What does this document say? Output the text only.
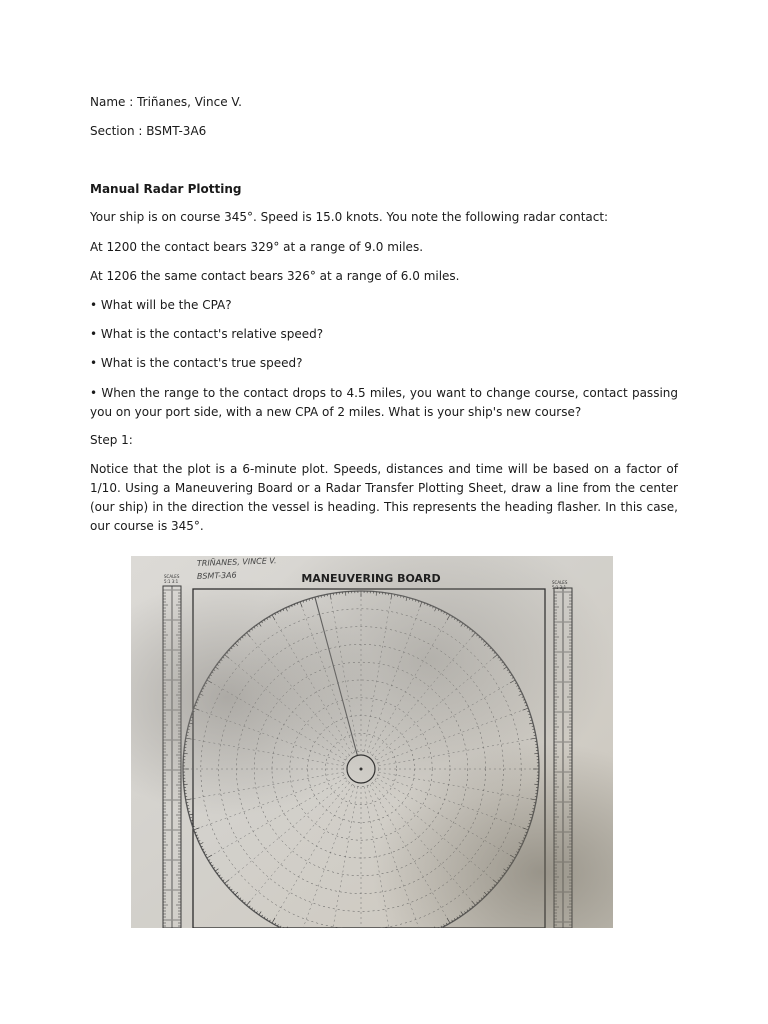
Name : Triñanes, Vince V.
Section : BSMT-3A6
Manual Radar Plotting
Your ship is on course 345°. Speed is 15.0 knots. You note the following radar contact:
At 1200 the contact bears 329° at a range of 9.0 miles.
At 1206 the same contact bears 326° at a range of 6.0 miles.
• What will be the CPA?
• What is the contact's relative speed?
• What is the contact's true speed?
• When the range to the contact drops to 4.5 miles, you want to change course, contact passing you on your port side, with a new CPA of 2 miles. What is your ship's new course?
Step 1:
Notice that the plot is a 6-minute plot. Speeds, distances and time will be based on a factor of 1/10. Using a Maneuvering Board or a Radar Transfer Plotting Sheet, draw a line from the center (our ship) in the direction the vessel is heading. This represents the heading flasher. In this case, our course is 345°.
MANEUVERING BOARD
TRIÑANES, VINCE V.
BSMT-3A6
SCALES
5:1 3:1	SCALES
5:1 3:1
